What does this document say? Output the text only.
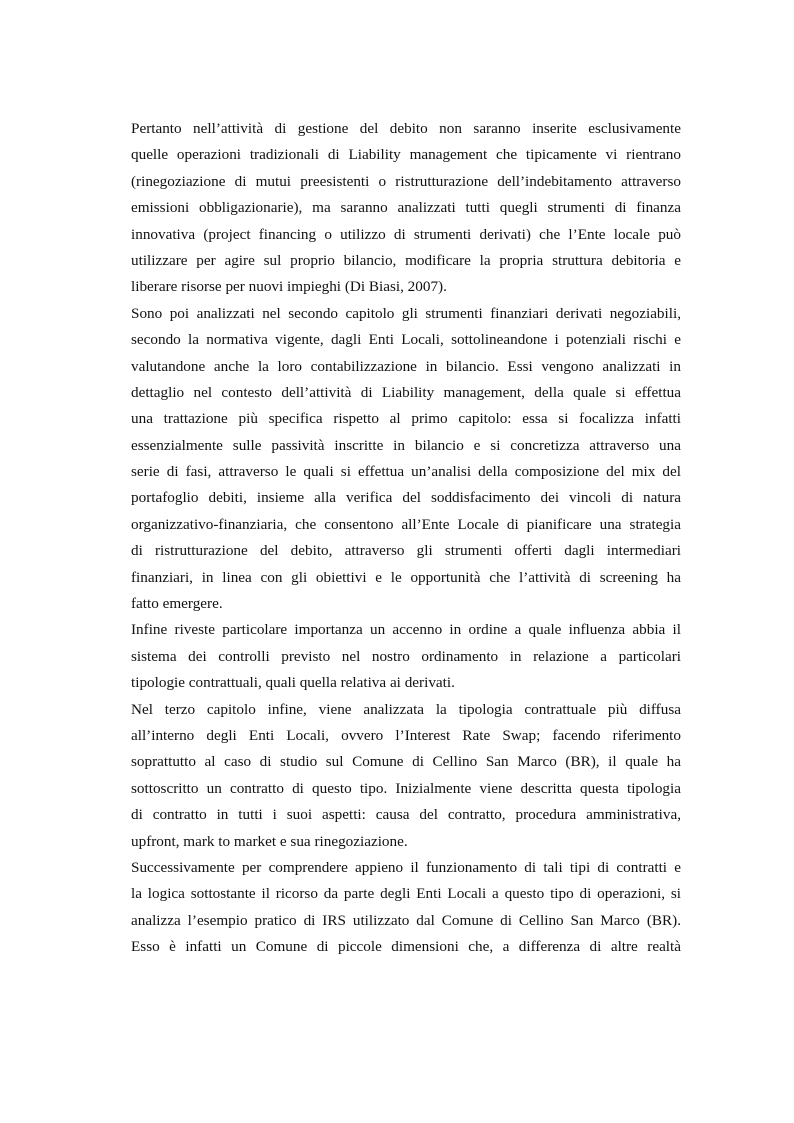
Pertanto nell’attività di gestione del debito non saranno inserite esclusivamente
quelle operazioni tradizionali di Liability management che tipicamente vi rientrano
(rinegoziazione di mutui preesistenti o ristrutturazione dell’indebitamento attraverso
emissioni obbligazionarie), ma saranno analizzati tutti quegli strumenti di finanza
innovativa (project financing o utilizzo di strumenti derivati) che l’Ente locale può
utilizzare per agire sul proprio bilancio, modificare la propria struttura debitoria e
liberare risorse per nuovi impieghi (Di Biasi, 2007).
Sono poi analizzati nel secondo capitolo gli strumenti finanziari derivati negoziabili,
secondo la normativa vigente, dagli Enti Locali, sottolineandone i potenziali rischi e
valutandone anche la loro contabilizzazione in bilancio. Essi vengono analizzati in
dettaglio nel contesto dell’attività di Liability management, della quale si effettua
una trattazione più specifica rispetto al primo capitolo: essa si focalizza infatti
essenzialmente sulle passività inscritte in bilancio e si concretizza attraverso una
serie di fasi, attraverso le quali si effettua un’analisi della composizione del mix del
portafoglio debiti, insieme alla verifica del soddisfacimento dei vincoli di natura
organizzativo-finanziaria, che consentono all’Ente Locale di pianificare una strategia
di ristrutturazione del debito, attraverso gli strumenti offerti dagli intermediari
finanziari, in linea con gli obiettivi e le opportunità che l’attività di screening ha
fatto emergere.
Infine riveste particolare importanza un accenno in ordine a quale influenza abbia il
sistema dei controlli previsto nel nostro ordinamento in relazione a particolari
tipologie contrattuali, quali quella relativa ai derivati.
Nel terzo capitolo infine, viene analizzata la tipologia contrattuale più diffusa
all’interno degli Enti Locali, ovvero l’Interest Rate Swap; facendo riferimento
soprattutto al caso di studio sul Comune di Cellino San Marco (BR), il quale ha
sottoscritto un contratto di questo tipo. Inizialmente viene descritta questa tipologia
di contratto in tutti i suoi aspetti: causa del contratto, procedura amministrativa,
upfront, mark to market e sua rinegoziazione.
Successivamente per comprendere appieno il funzionamento di tali tipi di contratti e
la logica sottostante il ricorso da parte degli Enti Locali a questo tipo di operazioni, si
analizza l’esempio pratico di IRS utilizzato dal Comune di Cellino San Marco (BR).
Esso è infatti un Comune di piccole dimensioni che, a differenza di altre realtà
